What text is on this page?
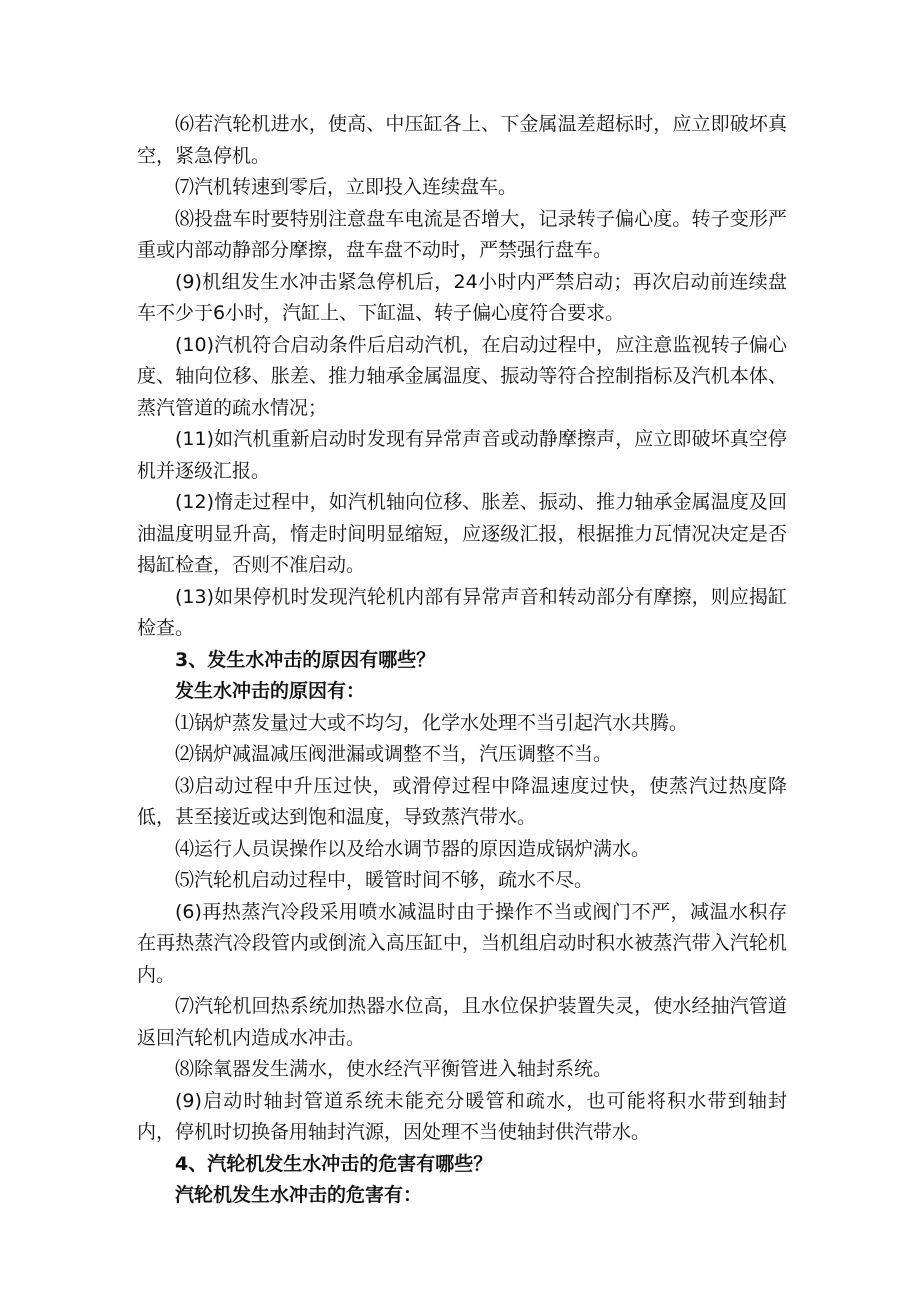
⑹若汽轮机进水，使高、中压缸各上、下金属温差超标时，应立即破坏真空，紧急停机。

⑺汽机转速到零后，立即投入连续盘车。

⑻投盘车时要特别注意盘车电流是否增大，记录转子偏心度。转子变形严重或内部动静部分摩擦，盘车盘不动时，严禁强行盘车。

(9)机组发生水冲击紧急停机后，24小时内严禁启动；再次启动前连续盘车不少于6小时，汽缸上、下缸温、转子偏心度符合要求。

(10)汽机符合启动条件后启动汽机，在启动过程中，应注意监视转子偏心度、轴向位移、胀差、推力轴承金属温度、振动等符合控制指标及汽机本体、蒸汽管道的疏水情况；

(11)如汽机重新启动时发现有异常声音或动静摩擦声，应立即破坏真空停机并逐级汇报。

(12)惰走过程中，如汽机轴向位移、胀差、振动、推力轴承金属温度及回油温度明显升高，惰走时间明显缩短，应逐级汇报，根据推力瓦情况决定是否揭缸检查，否则不准启动。

(13)如果停机时发现汽轮机内部有异常声音和转动部分有摩擦，则应揭缸检查。

3、发生水冲击的原因有哪些？

发生水冲击的原因有：

⑴锅炉蒸发量过大或不均匀，化学水处理不当引起汽水共腾。

⑵锅炉减温减压阀泄漏或调整不当，汽压调整不当。

⑶启动过程中升压过快，或滑停过程中降温速度过快，使蒸汽过热度降低，甚至接近或达到饱和温度，导致蒸汽带水。

⑷运行人员误操作以及给水调节器的原因造成锅炉满水。

⑸汽轮机启动过程中，暖管时间不够，疏水不尽。

(6)再热蒸汽冷段采用喷水减温时由于操作不当或阀门不严，减温水积存在再热蒸汽冷段管内或倒流入高压缸中，当机组启动时积水被蒸汽带入汽轮机内。

⑺汽轮机回热系统加热器水位高，且水位保护装置失灵，使水经抽汽管道返回汽轮机内造成水冲击。

⑻除氧器发生满水，使水经汽平衡管进入轴封系统。

(9)启动时轴封管道系统未能充分暖管和疏水，也可能将积水带到轴封内，停机时切换备用轴封汽源，因处理不当使轴封供汽带水。

4、汽轮机发生水冲击的危害有哪些？

汽轮机发生水冲击的危害有：
